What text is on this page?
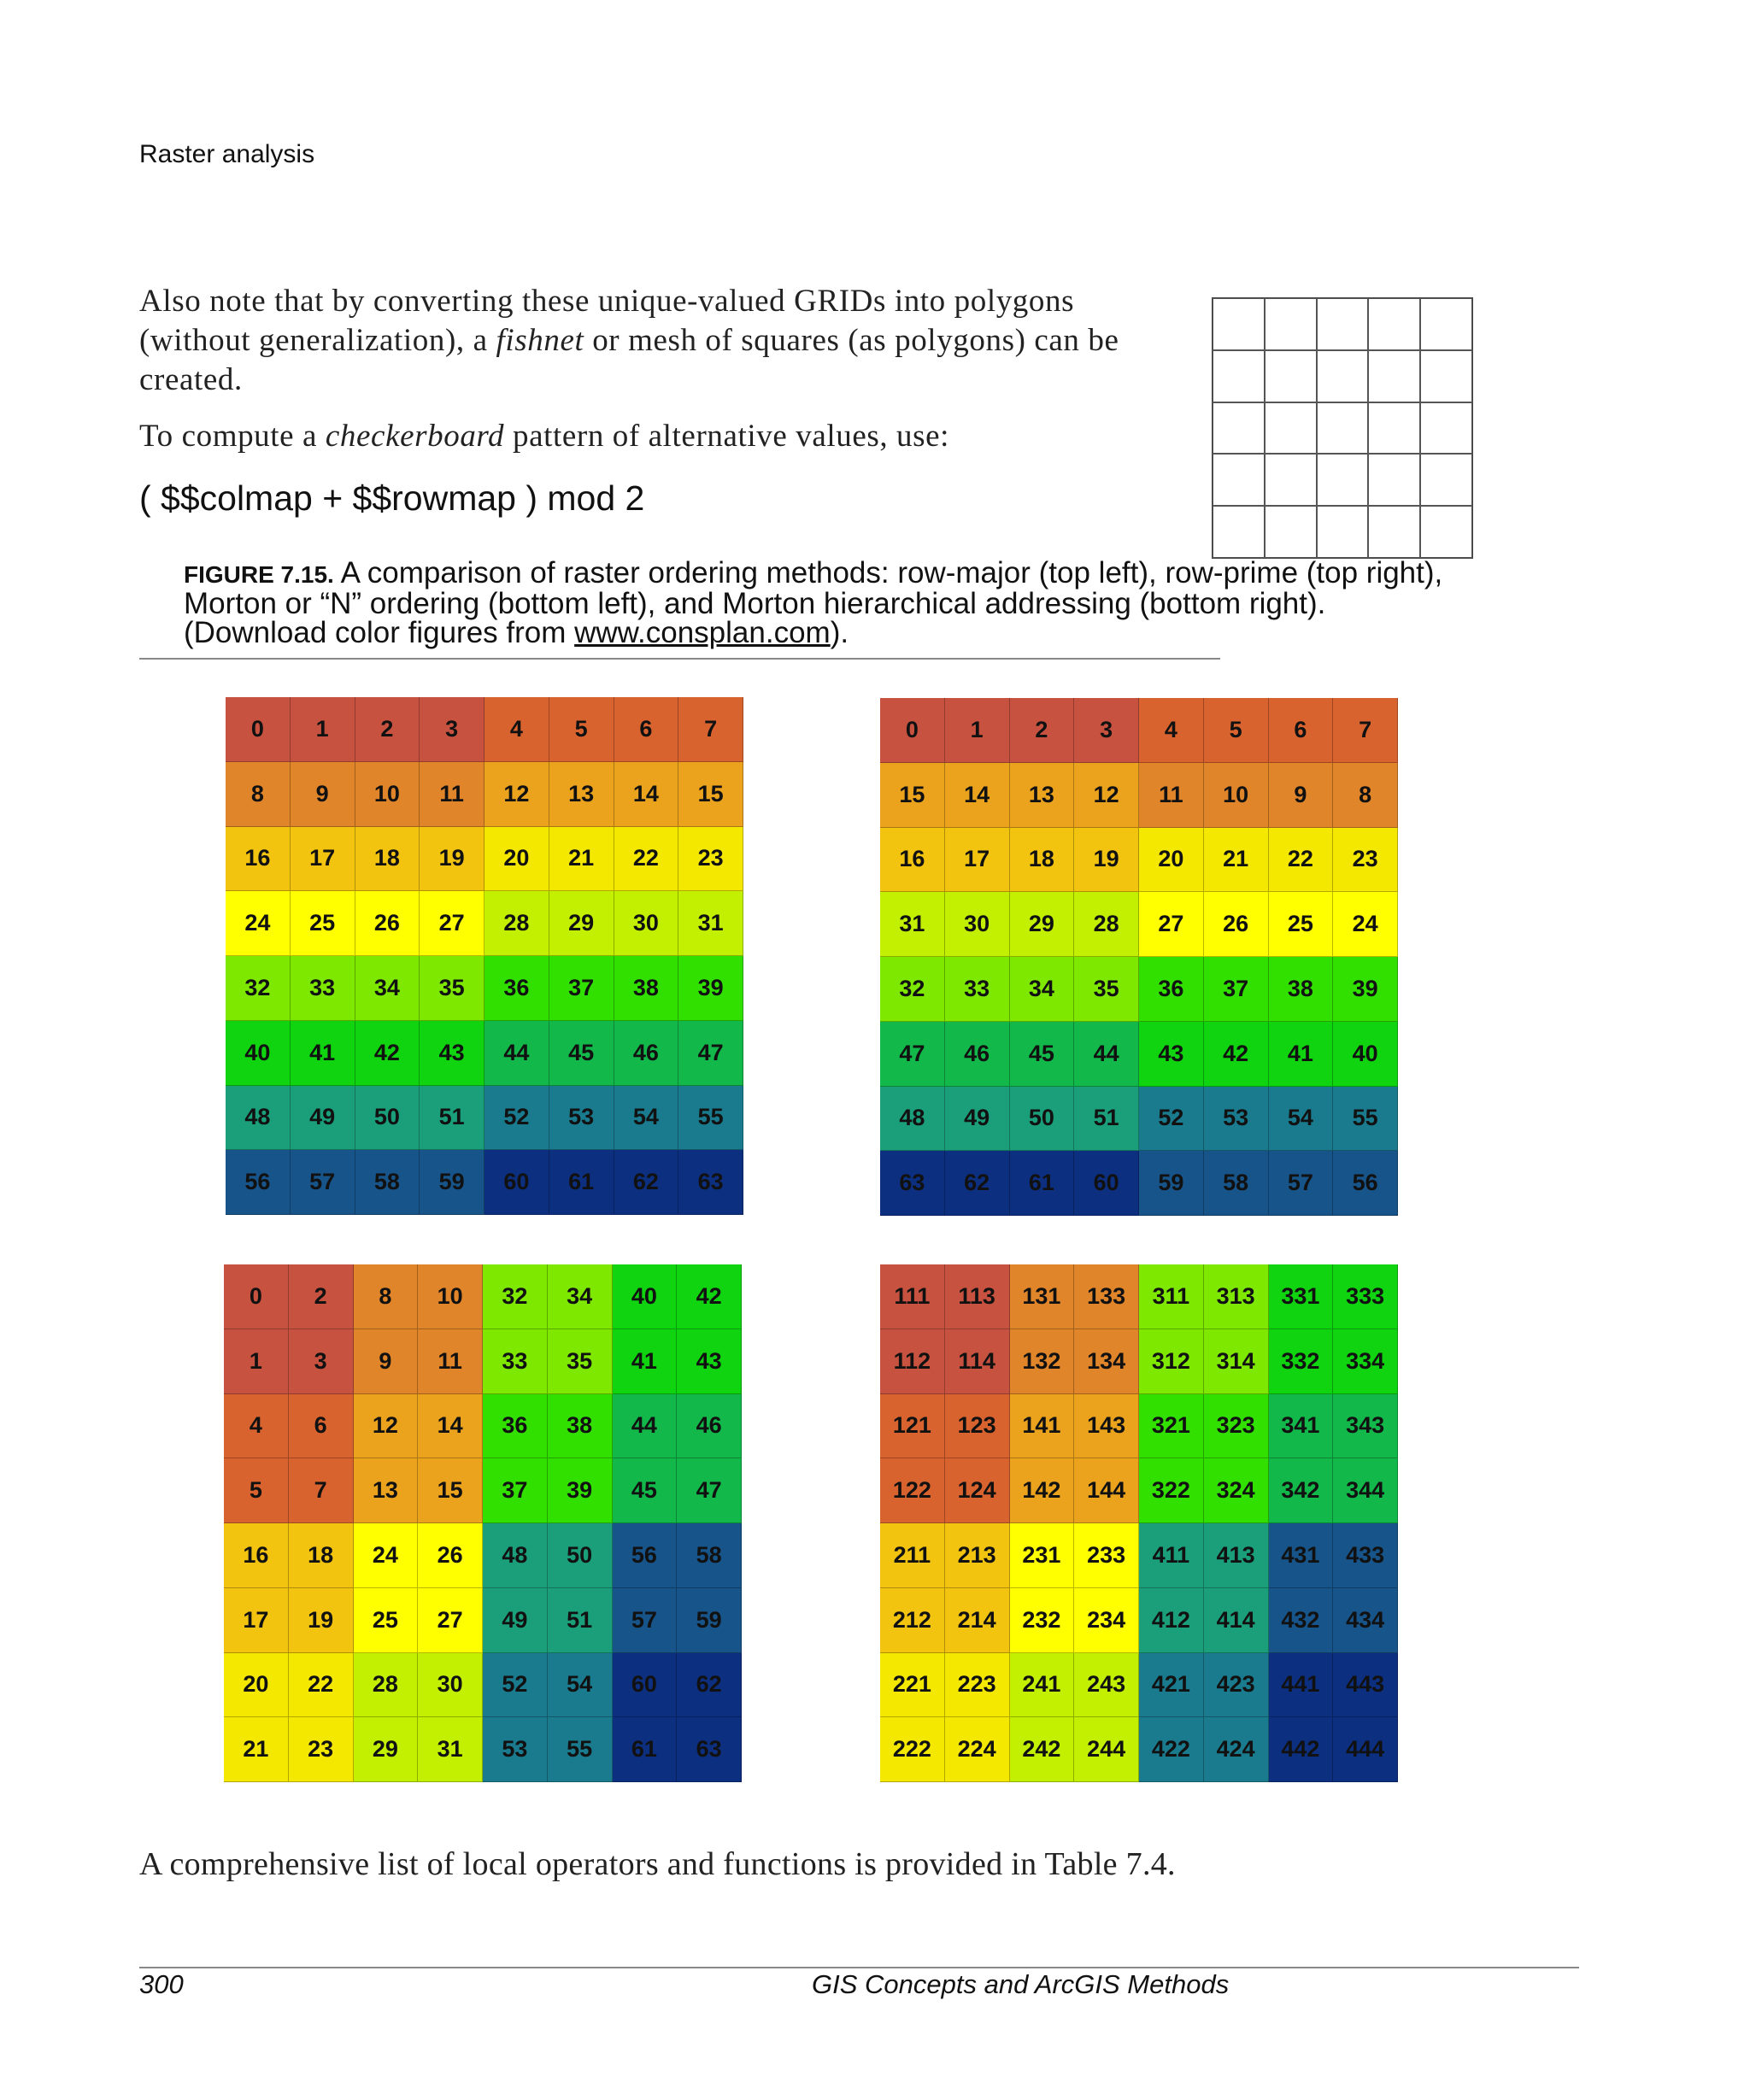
Raster analysis

Also note that by converting these unique-valued GRIDs into polygons (without generalization), a fishnet or mesh of squares (as polygons) can be created.

To compute a checkerboard pattern of alternative values, use:

( $$colmap + $$rowmap ) mod 2
FIGURE 7.15. A comparison of raster ordering methods: row-major (top left), row-prime (top right), Morton or “N” ordering (bottom left), and Morton hierarchical addressing (bottom right). (Download color figures from www.consplan.com).
0	1	2	3	4	5	6	7
8	9	10	11	12	13	14	15
16	17	18	19	20	21	22	23
24	25	26	27	28	29	30	31
32	33	34	35	36	37	38	39
40	41	42	43	44	45	46	47
48	49	50	51	52	53	54	55
56	57	58	59	60	61	62	63
0	1	2	3	4	5	6	7
15	14	13	12	11	10	9	8
16	17	18	19	20	21	22	23
31	30	29	28	27	26	25	24
32	33	34	35	36	37	38	39
47	46	45	44	43	42	41	40
48	49	50	51	52	53	54	55
63	62	61	60	59	58	57	56
0	2	8	10	32	34	40	42
1	3	9	11	33	35	41	43
4	6	12	14	36	38	44	46
5	7	13	15	37	39	45	47
16	18	24	26	48	50	56	58
17	19	25	27	49	51	57	59
20	22	28	30	52	54	60	62
21	23	29	31	53	55	61	63
111	113	131	133	311	313	331	333
112	114	132	134	312	314	332	334
121	123	141	143	321	323	341	343
122	124	142	144	322	324	342	344
211	213	231	233	411	413	431	433
212	214	232	234	412	414	432	434
221	223	241	243	421	423	441	443
222	224	242	244	422	424	442	444
A comprehensive list of local operators and functions is provided in Table 7.4.
300	GIS Concepts and ArcGIS Methods
